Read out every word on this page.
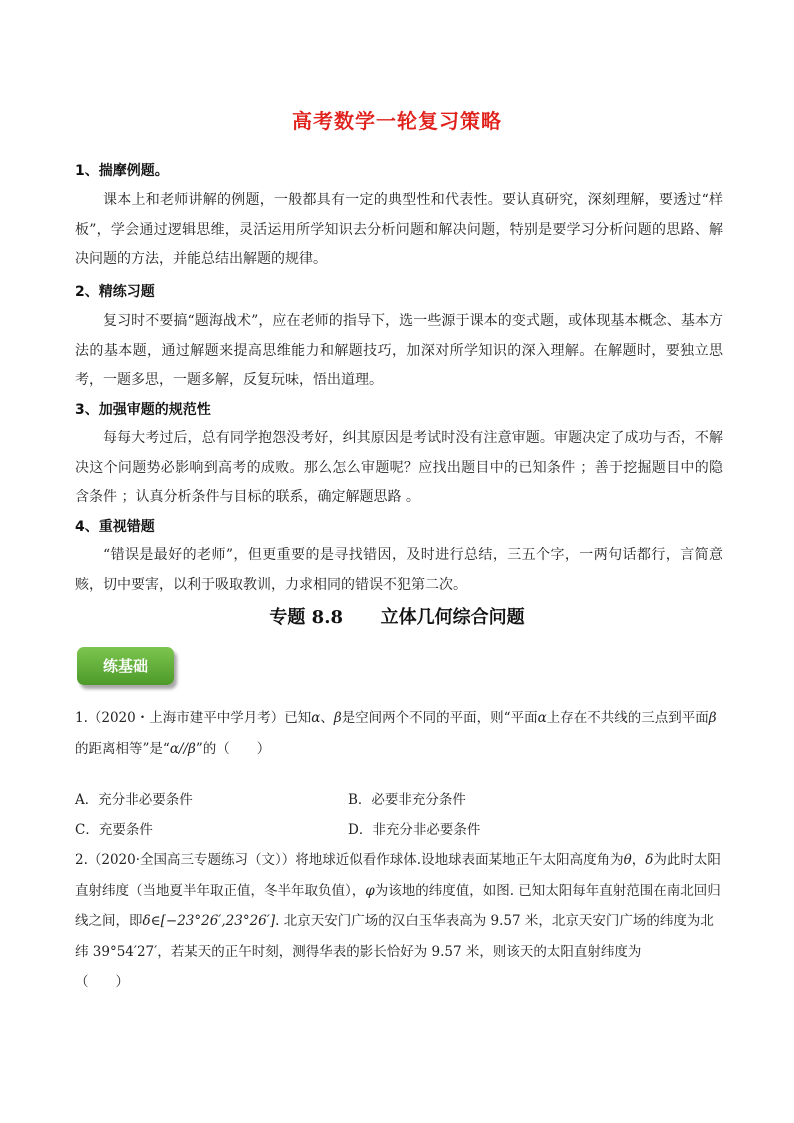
高考数学一轮复习策略
1、揣摩例题。
课本上和老师讲解的例题，一般都具有一定的典型性和代表性。要认真研究，深刻理解，要透过“样板”，学会通过逻辑思维，灵活运用所学知识去分析问题和解决问题，特别是要学习分析问题的思路、解决问题的方法，并能总结出解题的规律。
2、精练习题
复习时不要搞“题海战术”，应在老师的指导下，选一些源于课本的变式题，或体现基本概念、基本方法的基本题，通过解题来提高思维能力和解题技巧，加深对所学知识的深入理解。在解题时，要独立思考，一题多思，一题多解，反复玩味，悟出道理。
3、加强审题的规范性
每每大考过后，总有同学抱怨没考好，纠其原因是考试时没有注意审题。审题决定了成功与否，不解决这个问题势必影响到高考的成败。那么怎么审题呢？应找出题目中的已知条件 ；善于挖掘题目中的隐含条件 ；认真分析条件与目标的联系，确定解题思路 。
4、重视错题
“错误是最好的老师”，但更重要的是寻找错因，及时进行总结，三五个字，一两句话都行，言简意赅，切中要害，以利于吸取教训，力求相同的错误不犯第二次。
专题 8.8      立体几何综合问题
练基础
1.（2020・上海市建平中学月考）已知α、β是空间两个不同的平面，则“平面α上存在不共线的三点到平面β的距离相等”是“α//β”的（　　）
A．充分非必要条件	B．必要非充分条件
C．充要条件	D．非充分非必要条件
2.（2020·全国高三专题练习（文））将地球近似看作球体.设地球表面某地正午太阳高度角为θ，δ为此时太阳直射纬度（当地夏半年取正值，冬半年取负值），φ为该地的纬度值，如图. 已知太阳每年直射范围在南北回归线之间，即δ∈[−23°26′,23°26′]. 北京天安门广场的汉白玉华表高为 9.57 米，北京天安门广场的纬度为北纬 39°54′27′，若某天的正午时刻，测得华表的影长恰好为 9.57 米，则该天的太阳直射纬度为
（　　）
